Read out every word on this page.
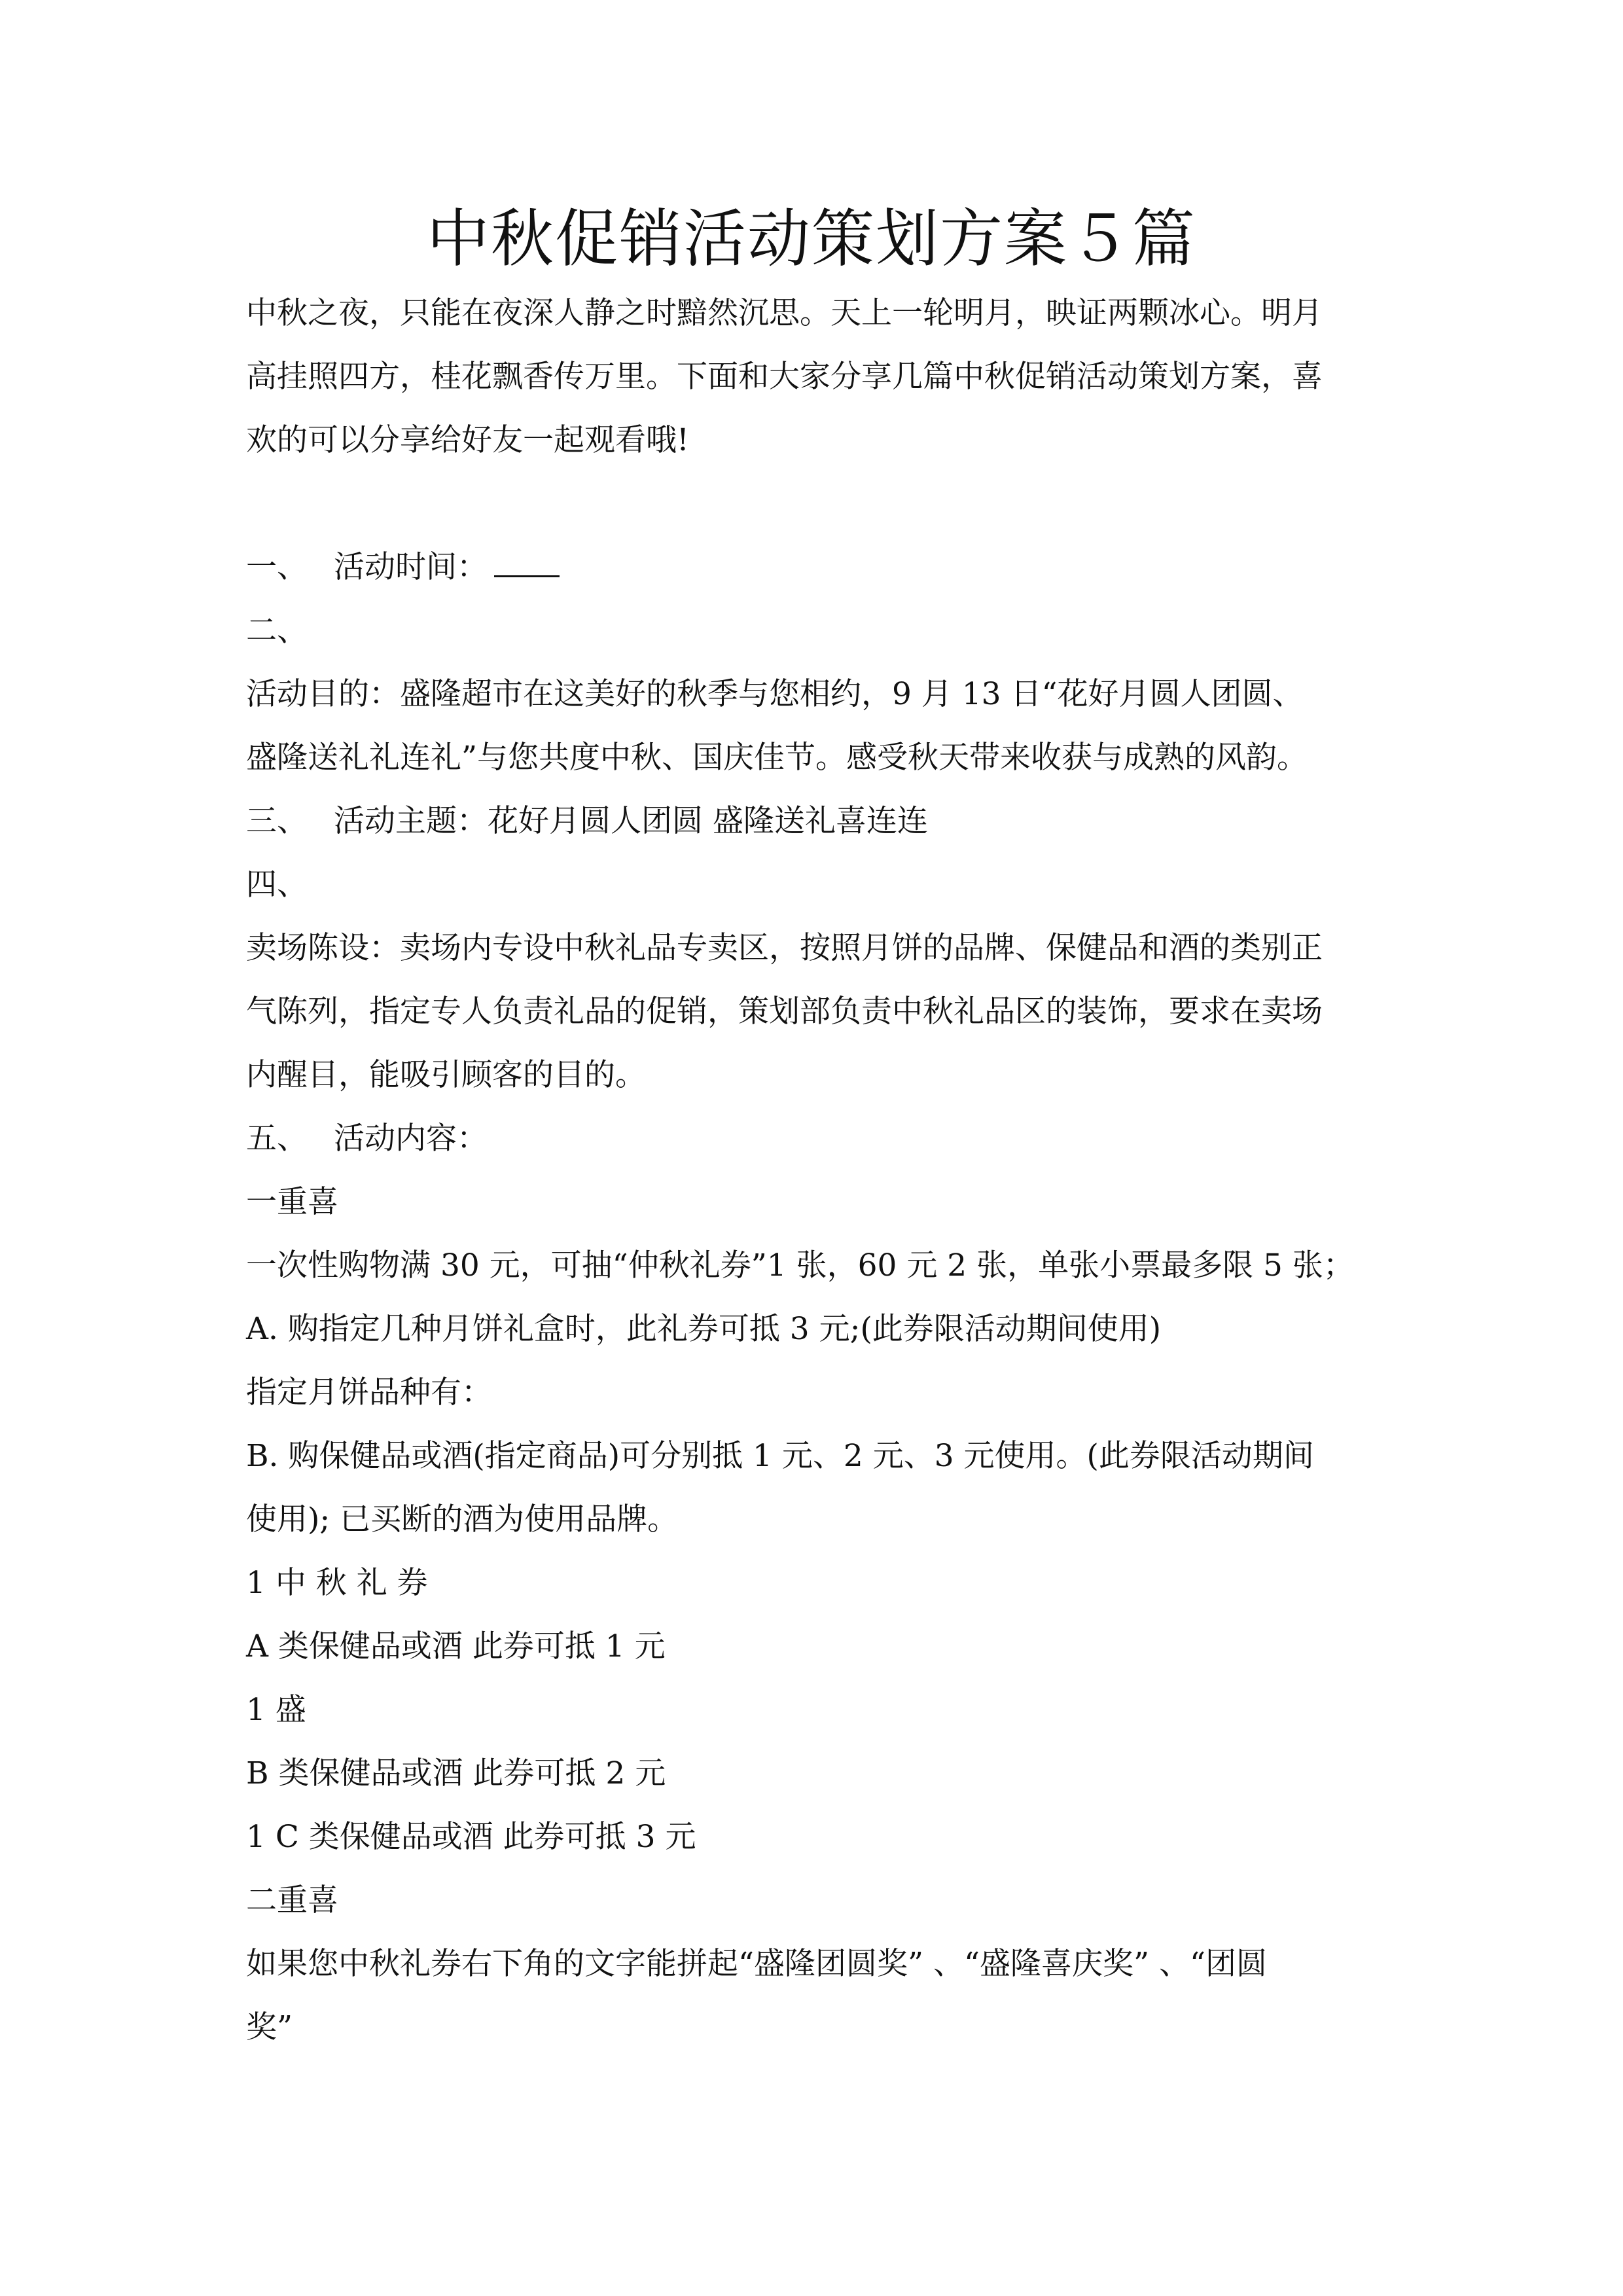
中秋促销活动策划方案５篇
中秋之夜，只能在夜深人静之时黯然沉思。天上一轮明月，映证两颗冰心。明月
高挂照四方，桂花飘香传万里。下面和大家分享几篇中秋促销活动策划方案，喜
欢的可以分享给好友一起观看哦!
一、 活动时间：
二、
活动目的：盛隆超市在这美好的秋季与您相约，9 月 13 日“花好月圆人团圆、
盛隆送礼礼连礼”与您共度中秋、国庆佳节。感受秋天带来收获与成熟的风韵。
三、 活动主题：花好月圆人团圆 盛隆送礼喜连连
四、
卖场陈设：卖场内专设中秋礼品专卖区，按照月饼的品牌、保健品和酒的类别正
气陈列，指定专人负责礼品的促销，策划部负责中秋礼品区的装饰，要求在卖场
内醒目，能吸引顾客的目的。
五、 活动内容：
一重喜
一次性购物满 30 元，可抽“仲秋礼券”1 张，60 元 2 张，单张小票最多限 5 张；
A. 购指定几种月饼礼盒时，此礼券可抵 3 元;(此券限活动期间使用)
指定月饼品种有：
B. 购保健品或酒(指定商品)可分别抵 1 元、2 元、3 元使用。(此券限活动期间
使用); 已买断的酒为使用品牌。
1 中 秋 礼 券
A 类保健品或酒 此券可抵 1 元
1 盛
B 类保健品或酒 此券可抵 2 元
1 C 类保健品或酒 此券可抵 3 元
二重喜
如果您中秋礼券右下角的文字能拼起“盛隆团圆奖” 、“盛隆喜庆奖” 、“团圆
奖”
